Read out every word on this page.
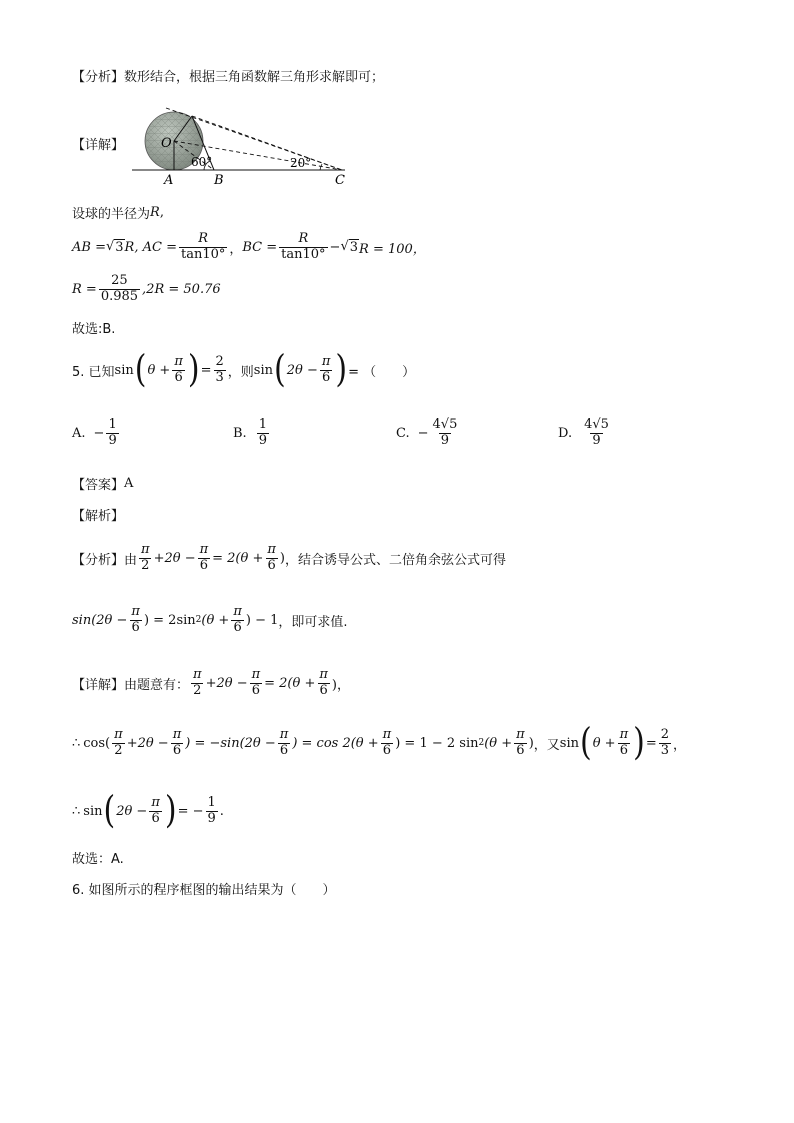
【分析】 数形结合，根据三角函数解三角形求解即可；
【详解】	O
60°	20°
A	B	C
设球的半径为 R ,
AB = √ 3 R, AC = $\frac{R}{\tan 10^\circ}$ ， BC = $\frac{R}{\tan 10^\circ}$ − √ 3 R = 100，
$R = \frac{25}{0.985} ,2R = 50.76$
故选:B.
5. 已知 sin ( $\theta + \frac{\pi}{6}$ ) = $\frac{2}{3}$ ，则 sin ( $2\theta - \frac{\pi}{6}$ ) = （　　）
A. − $\frac{1}{9}$	B. $\frac{1}{9}$	C. − $\frac{4√5}{9}$	D. $\frac{4√5}{9}$
【答案】 A
【解析】
【分析】 由 $\frac{\pi}{2} +2\theta - \frac{\pi}{6} = 2(\theta + \frac{\pi}{6}$ ) ，结合诱导公式、二倍角余弦公式可得
$\sin(2\theta - \frac{\pi}{6}$ ) = 2sin 2 ($\theta + \frac{\pi}{6}$ ) − 1 ，即可求值.
【详解】 由题意有： $\frac{\pi}{2} +2\theta - \frac{\pi}{6} = 2(\theta + \frac{\pi}{6}$ )，
∴ $\cos( \frac{\pi}{2} +2\theta - \frac{\pi}{6}$ ) = $-\sin(2\theta - \frac{\pi}{6}$ ) = $\cos 2(\theta + \frac{\pi}{6}$ ) = 1 − 2 sin 2 ($\theta + \frac{\pi}{6}$ ) ，又 sin ( $\theta + \frac{\pi}{6}$ ) = $\frac{2}{3}$ ，
∴ sin ( $2\theta - \frac{\pi}{6}$ ) = − $\frac{1}{9}$ .
故选：A.
6. 如图所示的程序框图的输出结果为（　　）
